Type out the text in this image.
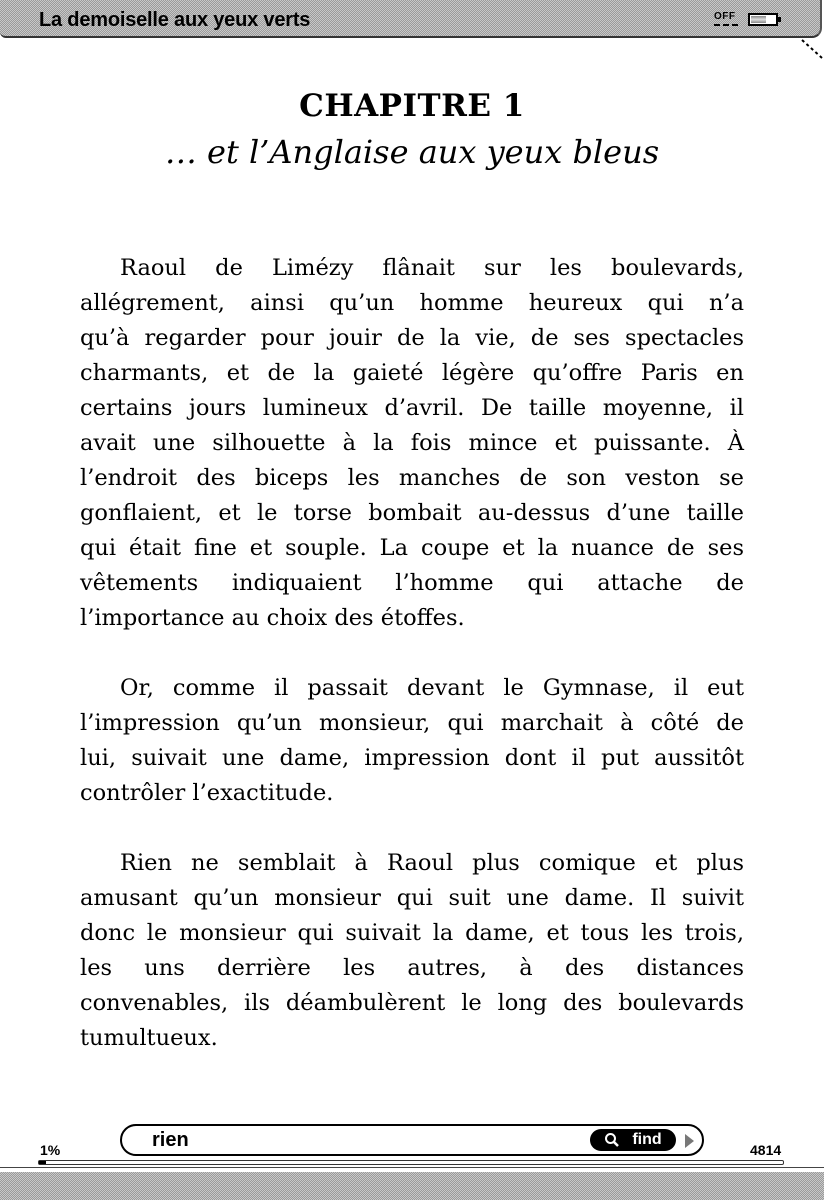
La demoiselle aux yeux verts	OFF
CHAPITRE 1
… et l’Anglaise aux yeux bleus
Raoul de Limézy flânait sur les boulevards,
allégrement, ainsi qu’un homme heureux qui n’a
qu’à regarder pour jouir de la vie, de ses spectacles
charmants, et de la gaieté légère qu’offre Paris en
certains jours lumineux d’avril. De taille moyenne, il
avait une silhouette à la fois mince et puissante. À
l’endroit des biceps les manches de son veston se
gonflaient, et le torse bombait au-dessus d’une taille
qui était fine et souple. La coupe et la nuance de ses
vêtements indiquaient l’homme qui attache de
l’importance au choix des étoffes.
Or, comme il passait devant le Gymnase, il eut
l’impression qu’un monsieur, qui marchait à côté de
lui, suivait une dame, impression dont il put aussitôt
contrôler l’exactitude.
Rien ne semblait à Raoul plus comique et plus
amusant qu’un monsieur qui suit une dame. Il suivit
donc le monsieur qui suivait la dame, et tous les trois,
les uns derrière les autres, à des distances
convenables, ils déambulèrent le long des boulevards
tumultueux.
1%
rien
find
4814
